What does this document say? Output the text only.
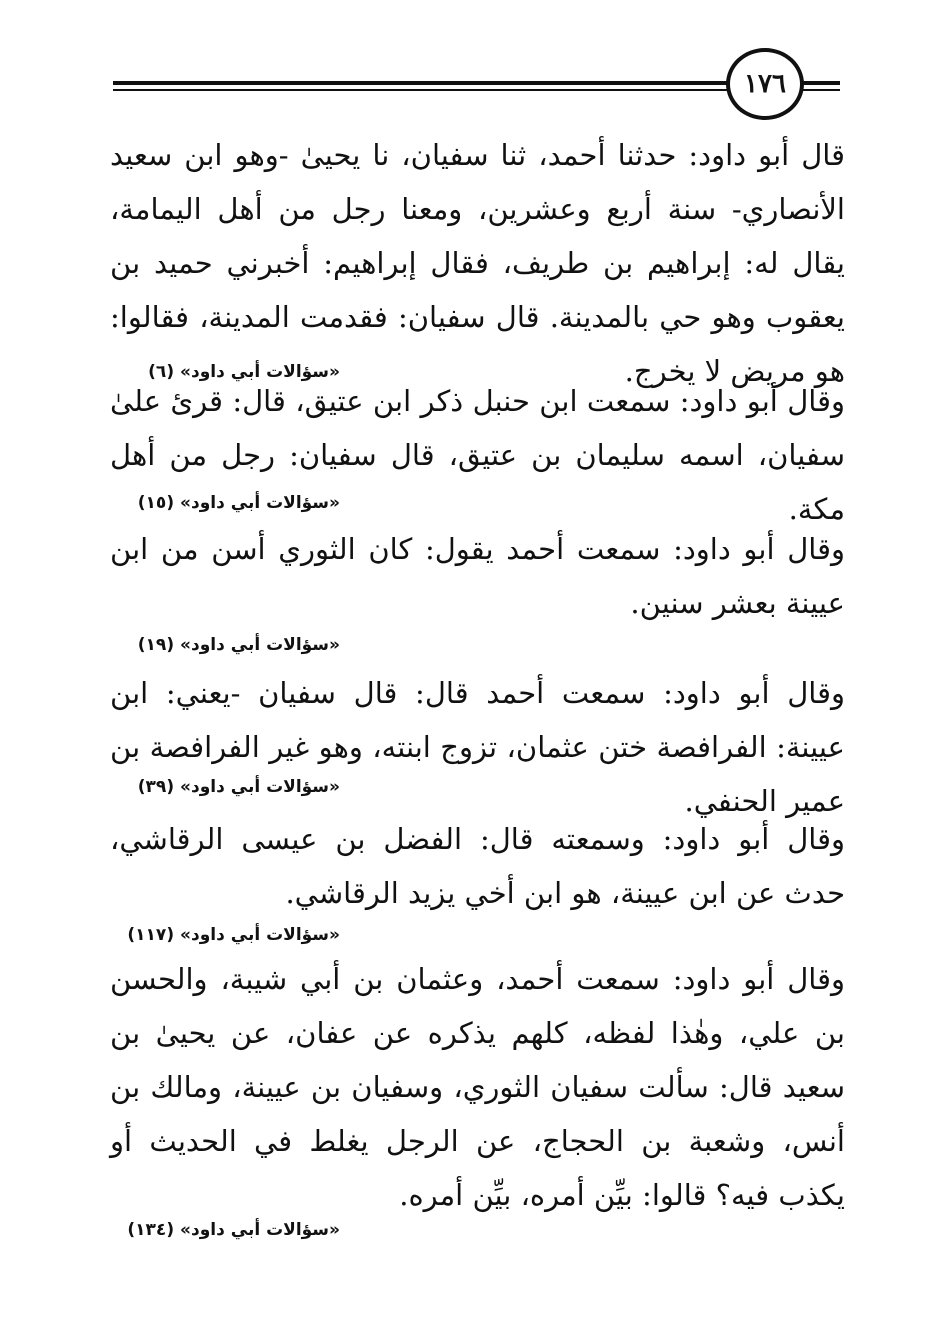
١٧٦

قال أبو داود: حدثنا أحمد، ثنا سفيان، نا يحيىٰ -وهو ابن سعيد الأنصاري- سنة أربع وعشرين، ومعنا رجل من أهل اليمامة، يقال له: إبراهيم بن طريف، فقال إبراهيم: أخبرني حميد بن يعقوب وهو حي بالمدينة. قال سفيان: فقدمت المدينة، فقالوا: هو مريض لا يخرج.

«سؤالات أبي داود» (٦)

وقال أبو داود: سمعت ابن حنبل ذكر ابن عتيق، قال: قرئ علىٰ سفيان، اسمه سليمان بن عتيق، قال سفيان: رجل من أهل مكة.

«سؤالات أبي داود» (١٥)

وقال أبو داود: سمعت أحمد يقول: كان الثوري أسن من ابن عيينة بعشر سنين.

«سؤالات أبي داود» (١٩)

وقال أبو داود: سمعت أحمد قال: قال سفيان -يعني: ابن عيينة: الفرافصة ختن عثمان، تزوج ابنته، وهو غير الفرافصة بن عمير الحنفي.

«سؤالات أبي داود» (٣٩)

وقال أبو داود: وسمعته قال: الفضل بن عيسى الرقاشي، حدث عن ابن عيينة، هو ابن أخي يزيد الرقاشي.

«سؤالات أبي داود» (١١٧)

وقال أبو داود: سمعت أحمد، وعثمان بن أبي شيبة، والحسن بن علي، وهٰذا لفظه، كلهم يذكره عن عفان، عن يحيىٰ بن سعيد قال: سألت سفيان الثوري، وسفيان بن عيينة، ومالك بن أنس، وشعبة بن الحجاج، عن الرجل يغلط في الحديث أو يكذب فيه؟ قالوا: بيِّن أمره، بيِّن أمره.

«سؤالات أبي داود» (١٣٤)
